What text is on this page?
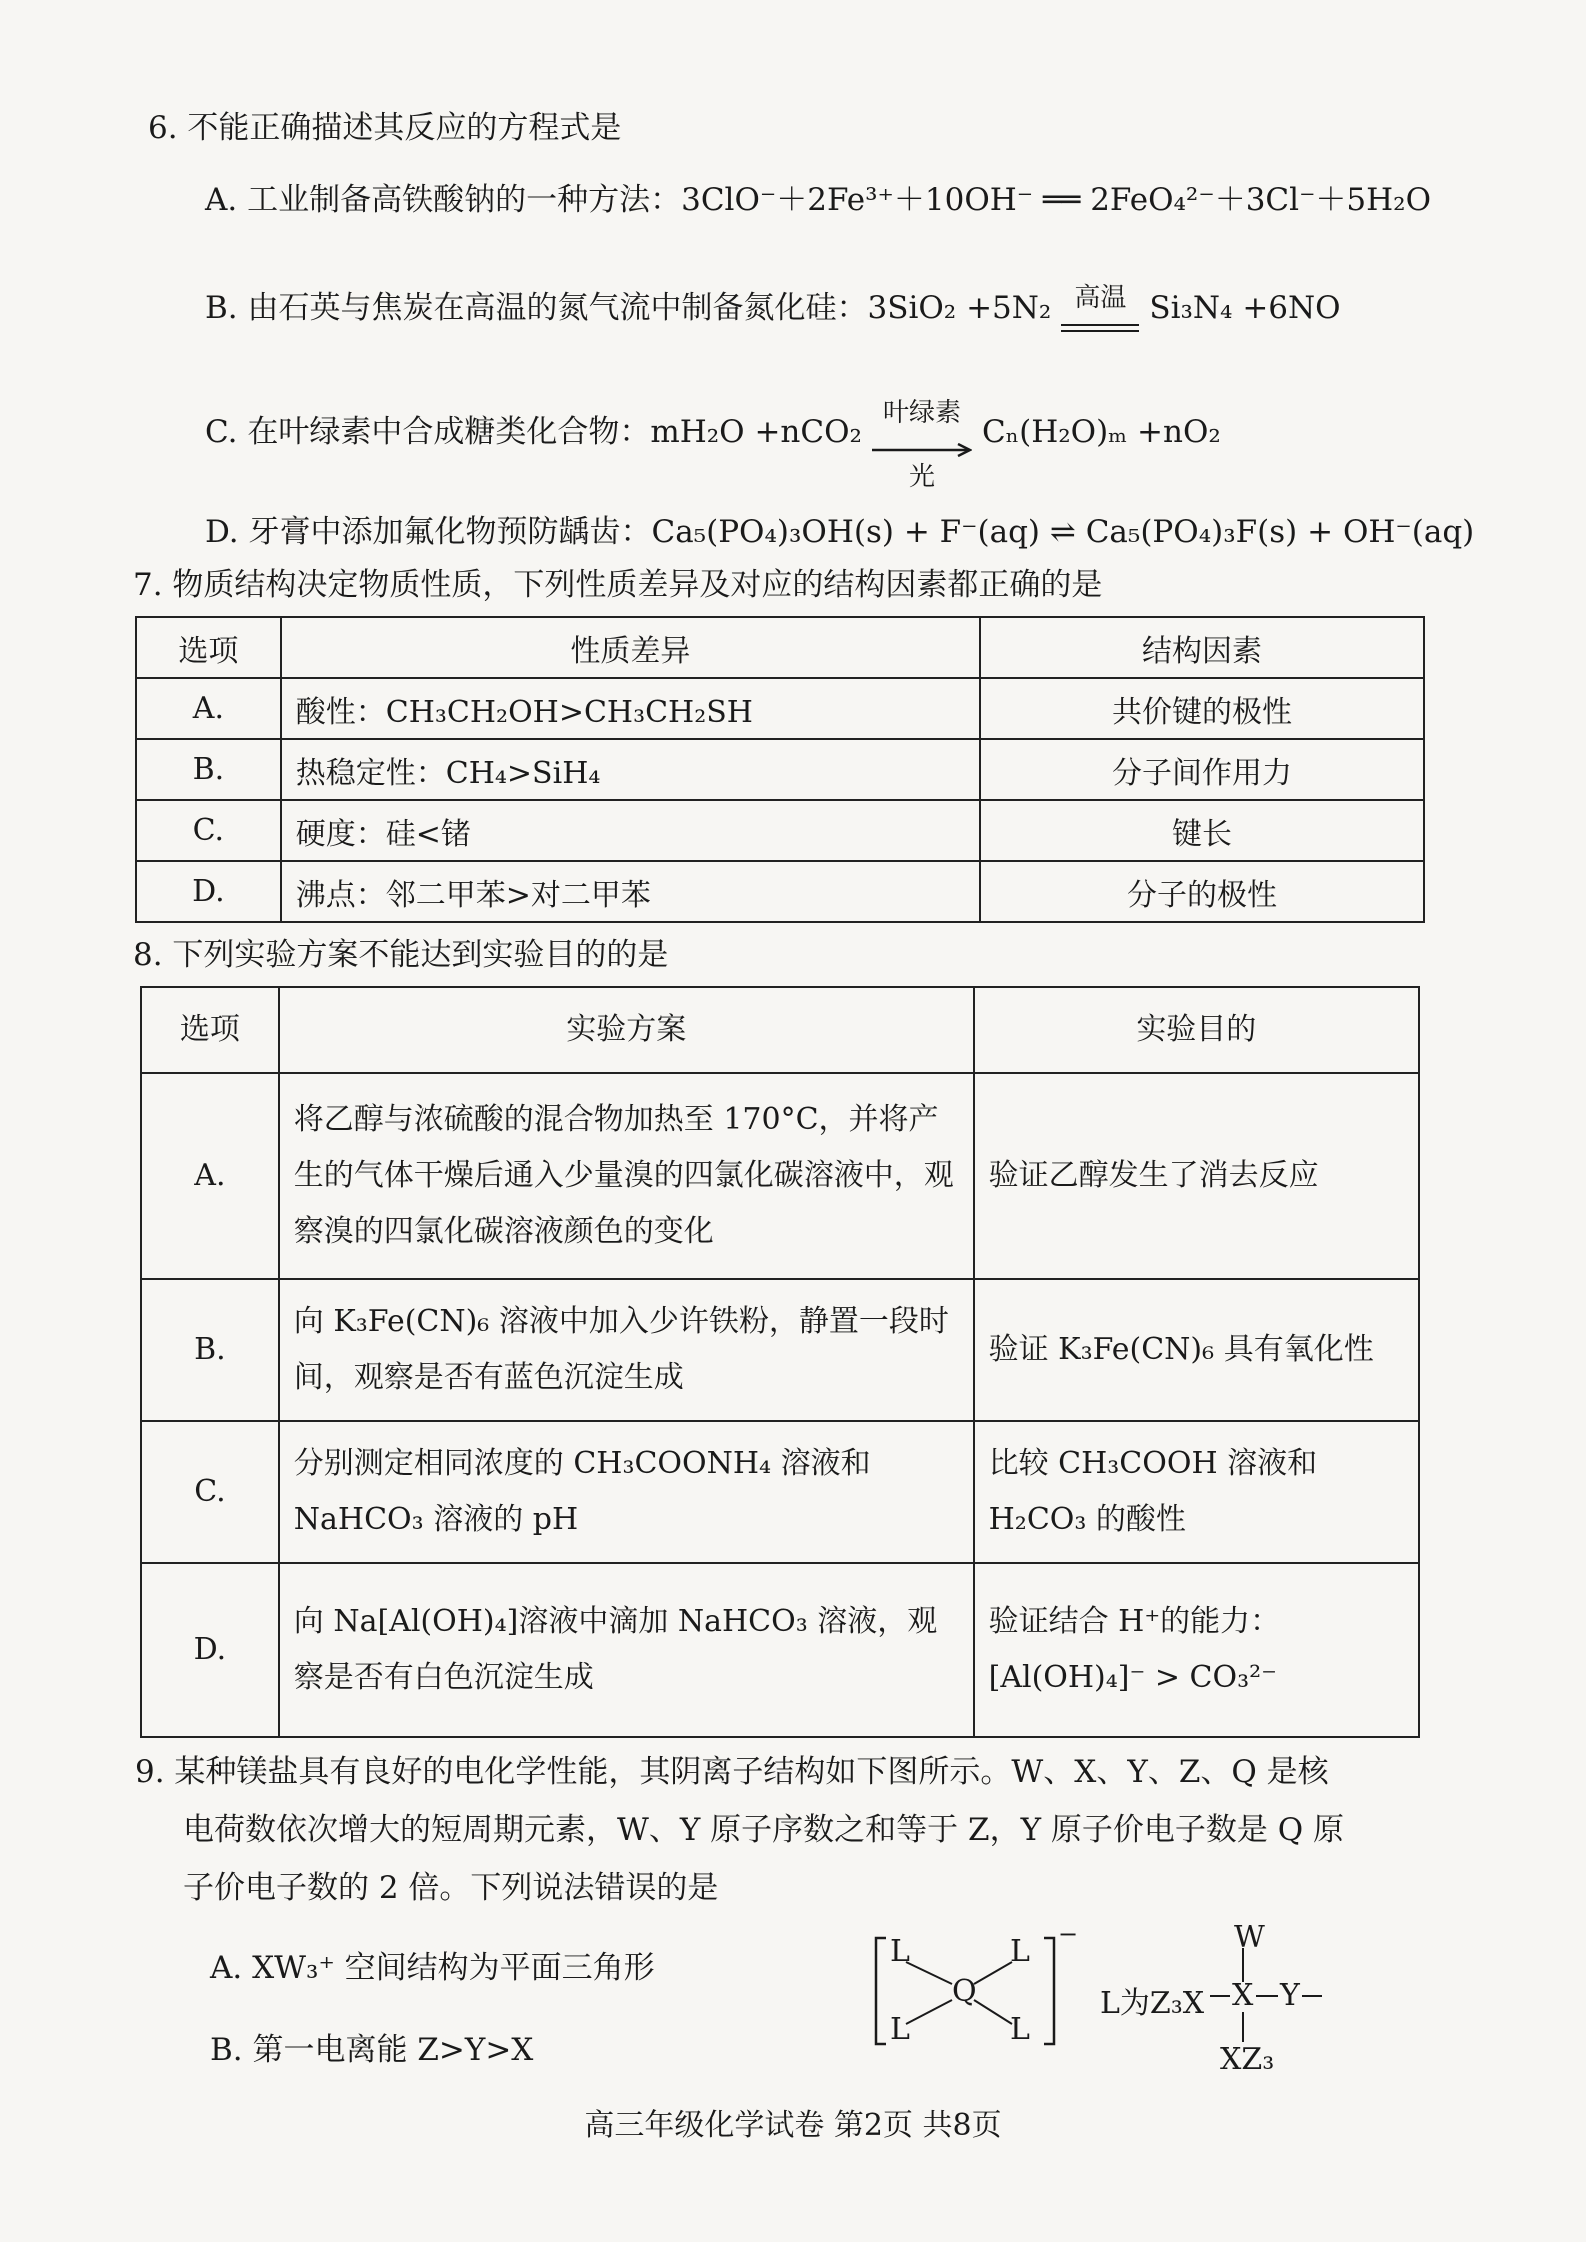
6. 不能正确描述其反应的方程式是
A. 工业制备高铁酸钠的一种方法：3ClO⁻＋2Fe³⁺＋10OH⁻ ══ 2FeO₄²⁻＋3Cl⁻＋5H₂O
B. 由石英与焦炭在高温的氮气流中制备氮化硅：3SiO₂ +5N₂ 高温 Si₃N₄ +6NO
C. 在叶绿素中合成糖类化合物：mH₂O +nCO₂
叶绿素
光
Cₙ(H₂O)ₘ +nO₂
D. 牙膏中添加氟化物预防龋齿：Ca₅(PO₄)₃OH(s) + F⁻(aq) ⇌ Ca₅(PO₄)₃F(s) + OH⁻(aq)
7. 物质结构决定物质性质，下列性质差异及对应的结构因素都正确的是
选项	性质差异	结构因素
A.	酸性：CH₃CH₂OH>CH₃CH₂SH	共价键的极性
B.	热稳定性：CH₄>SiH₄	分子间作用力
C.	硬度：硅<锗	键长
D.	沸点：邻二甲苯>对二甲苯	分子的极性
8. 下列实验方案不能达到实验目的的是
选项	实验方案	实验目的
A.	将乙醇与浓硫酸的混合物加热至 170°C，并将产生的气体干燥后通入少量溴的四氯化碳溶液中，观察溴的四氯化碳溶液颜色的变化	验证乙醇发生了消去反应
B.	向 K₃Fe(CN)₆ 溶液中加入少许铁粉，静置一段时间，观察是否有蓝色沉淀生成	验证 K₃Fe(CN)₆ 具有氧化性
C.	分别测定相同浓度的 CH₃COONH₄ 溶液和 NaHCO₃ 溶液的 pH	比较 CH₃COOH 溶液和 H₂CO₃ 的酸性
D.	向 Na[Al(OH)₄]溶液中滴加 NaHCO₃ 溶液，观察是否有白色沉淀生成	验证结合 H⁺的能力：[Al(OH)₄]⁻ > CO₃²⁻
9. 某种镁盐具有良好的电化学性能，其阴离子结构如下图所示。W、X、Y、Z、Q 是核
电荷数依次增大的短周期元素，W、Y 原子序数之和等于 Z，Y 原子价电子数是 Q 原
子价电子数的 2 倍。下列说法错误的是
A. XW₃⁺ 空间结构为平面三角形
B. 第一电离能 Z>Y>X
L	L
Q
L	L
−
L为Z₃X X
W
Y
XZ₃
高三年级化学试卷 第2页 共8页
